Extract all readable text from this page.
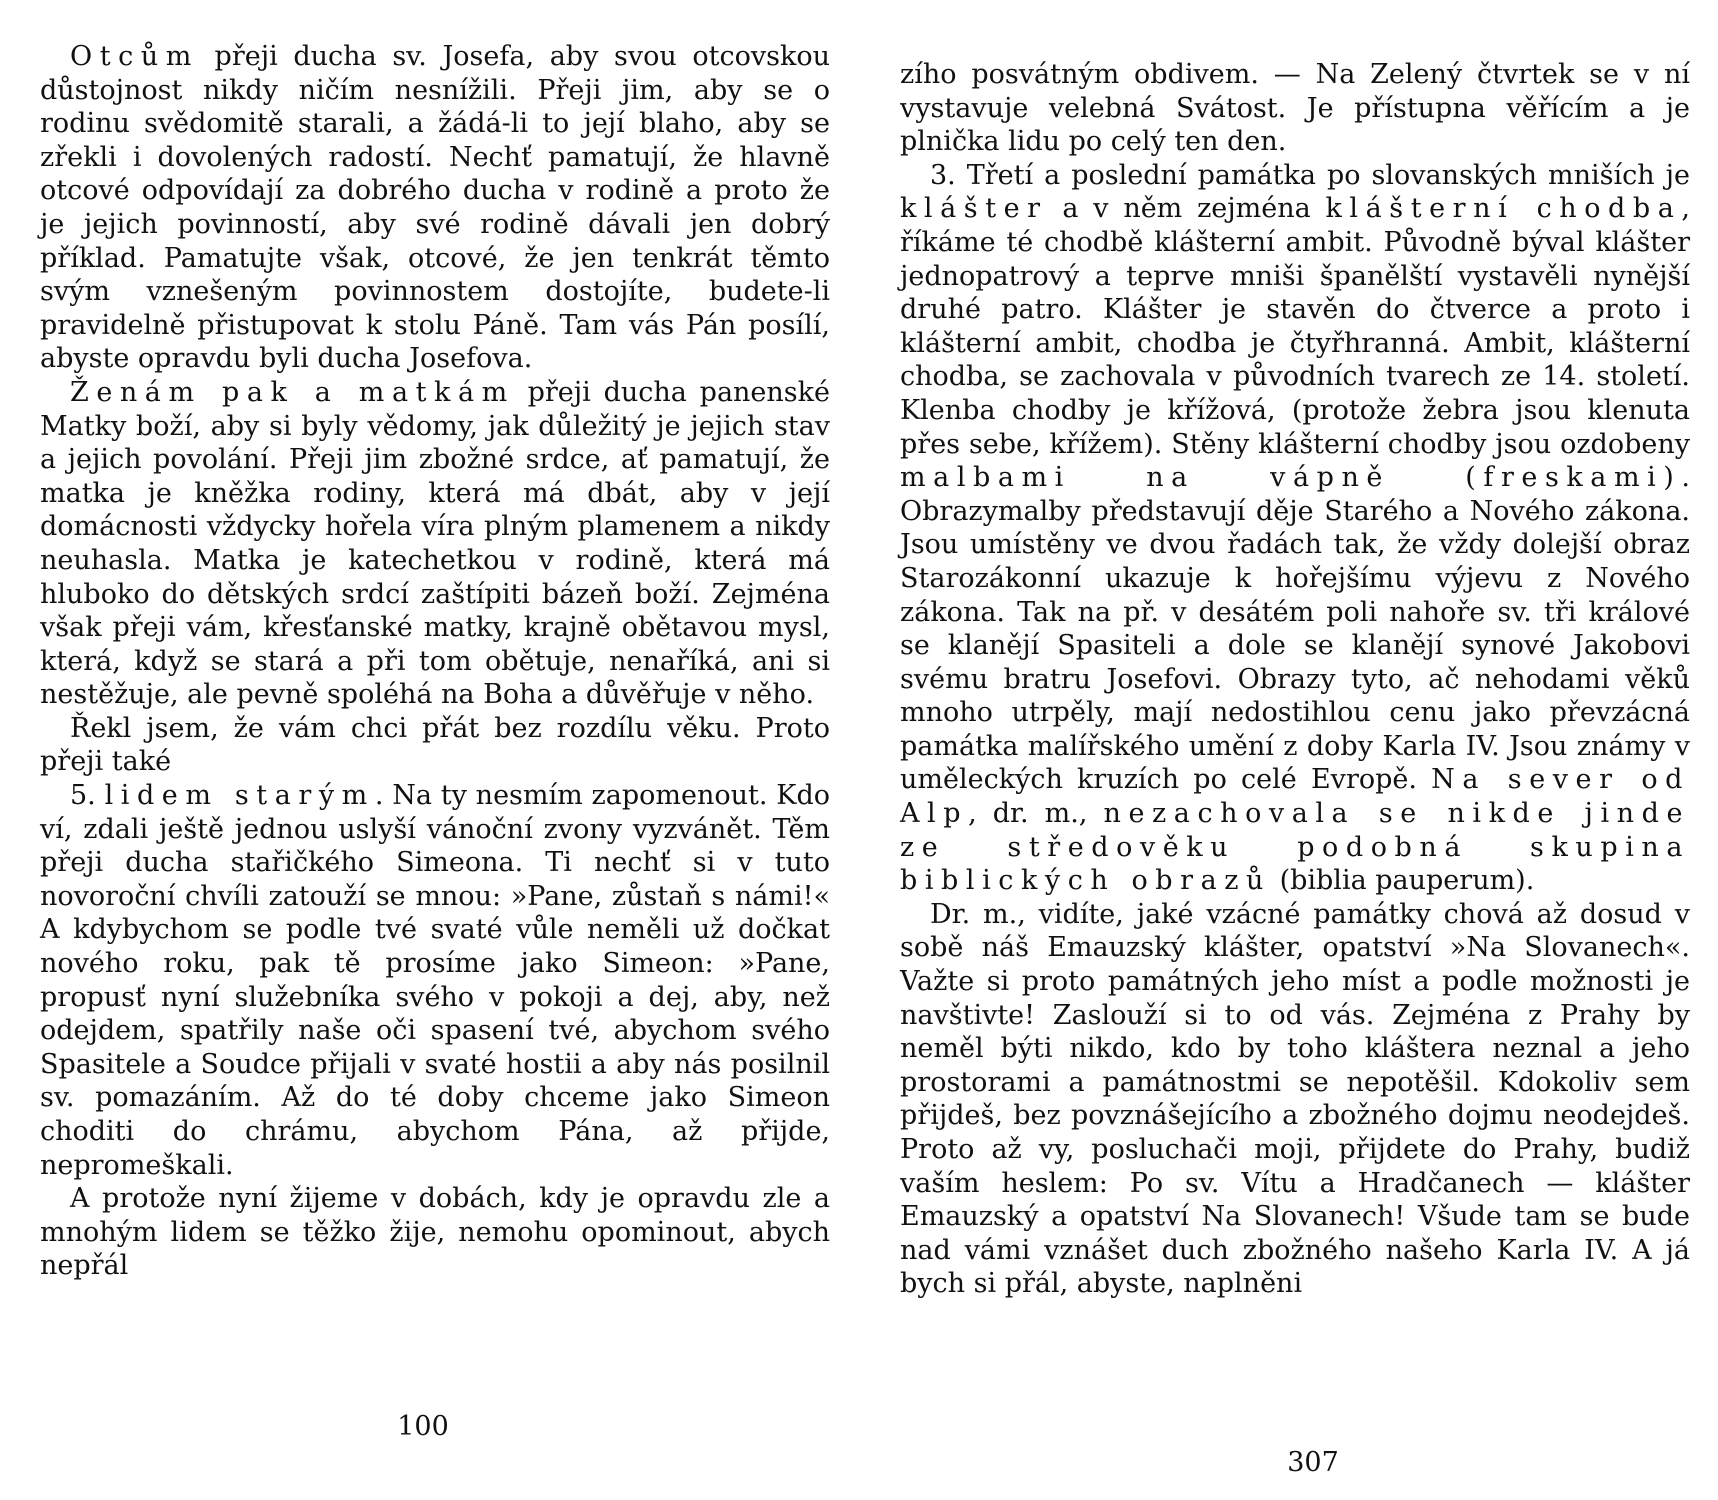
Otcům přeji ducha sv. Josefa, aby svou otcovskou důstojnost nikdy ničím nesnížili. Přeji jim, aby se o rodinu svědomitě starali, a žádá-li to její blaho, aby se zřekli i dovolených radostí. Nechť pamatují, že hlavně otcové odpovídají za dobrého ducha v rodině a proto že je jejich povinností, aby své rodině dávali jen dobrý příklad. Pamatujte však, otcové, že jen tenkrát těmto svým vznešeným povinnostem dostojíte, budete-li pravidelně přistupovat k stolu Páně. Tam vás Pán posílí, abyste opravdu byli ducha Josefova.

Ženám pak a matkám přeji ducha panenské Matky boží, aby si byly vědomy, jak důležitý je jejich stav a jejich povolání. Přeji jim zbožné srdce, ať pamatují, že matka je kněžka rodiny, která má dbát, aby v její domácnosti vždycky hořela víra plným plamenem a nikdy neuhasla. Matka je katechetkou v rodině, která má hluboko do dětských srdcí zaštípiti bázeň boží. Zejména však přeji vám, křesťanské matky, krajně obětavou mysl, která, když se stará a při tom obětuje, nenaříká, ani si nestěžuje, ale pevně spoléhá na Boha a důvěřuje v něho.

Řekl jsem, že vám chci přát bez rozdílu věku. Proto přeji také

5. lidem starým. Na ty nesmím zapomenout. Kdo ví, zdali ještě jednou uslyší vánoční zvony vyzvánět. Těm přeji ducha stařičkého Simeona. Ti nechť si v tuto novoroční chvíli zatouží se mnou: »Pane, zůstaň s námi!« A kdybychom se podle tvé svaté vůle neměli už dočkat nového roku, pak tě prosíme jako Simeon: »Pane, propusť nyní služebníka svého v pokoji a dej, aby, než odejdem, spatřily naše oči spasení tvé, abychom svého Spasitele a Soudce přijali v svaté hostii a aby nás posilnil sv. pomazáním. Až do té doby chceme jako Simeon choditi do chrámu, abychom Pána, až přijde, nepromeškali.

A protože nyní žijeme v dobách, kdy je opravdu zle a mnohým lidem se těžko žije, nemohu opominout, abych nepřál

100

zího posvátným obdivem. — Na Zelený čtvrtek se v ní vystavuje velebná Svátost. Je přístupna věřícím a je plnička lidu po celý ten den.

3. Třetí a poslední památka po slovanských mniších je klášter a v něm zejména klášterní chodba, říkáme té chodbě klášterní ambit. Původně býval klášter jednopatrový a teprve mniši španělští vystavěli nynější druhé patro. Klášter je stavěn do čtverce a proto i klášterní ambit, chodba je čtyřhranná. Ambit, klášterní chodba, se zachovala v původních tvarech ze 14. století. Klenba chodby je křížová, (protože žebra jsou klenuta přes sebe, křížem). Stěny klášterní chodby jsou ozdobeny malbami na vápně (freskami). Obrazymalby představují děje Starého a Nového zákona. Jsou umístěny ve dvou řadách tak, že vždy dolejší obraz Starozákonní ukazuje k hořejšímu výjevu z Nového zákona. Tak na př. v desátém poli nahoře sv. tři králové se klanějí Spasiteli a dole se klanějí synové Jakobovi svému bratru Josefovi. Obrazy tyto, ač nehodami věků mnoho utrpěly, mají nedostihlou cenu jako převzácná památka malířského umění z doby Karla IV. Jsou známy v uměleckých kruzích po celé Evropě. Na sever od Alp, dr. m., nezachovala se nikde jinde ze středověku podobná skupina biblických obrazů (biblia pauperum).

Dr. m., vidíte, jaké vzácné památky chová až dosud v sobě náš Emauzský klášter, opatství »Na Slovanech«. Važte si proto památných jeho míst a podle možnosti je navštivte! Zaslouží si to od vás. Zejména z Prahy by neměl býti nikdo, kdo by toho kláštera neznal a jeho prostorami a památnostmi se nepotěšil. Kdokoliv sem přijdeš, bez povznášejícího a zbožného dojmu neodejdeš. Proto až vy, posluchači moji, přijdete do Prahy, budiž vaším heslem: Po sv. Vítu a Hradčanech — klášter Emauzský a opatství Na Slovanech! Všude tam se bude nad vámi vznášet duch zbožného našeho Karla IV. A já bych si přál, abyste, naplněni

307
